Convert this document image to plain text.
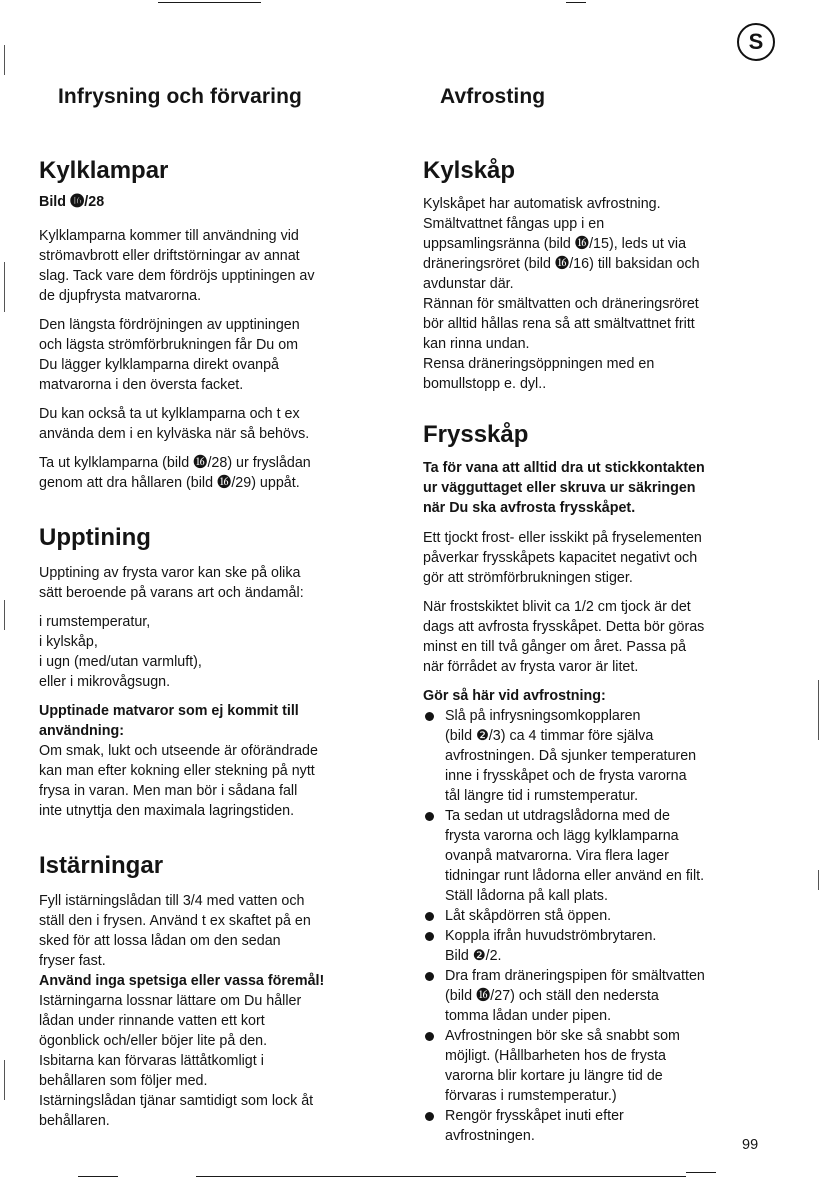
S
Infrysning och förvaring	Avfrosting
Kylklampar

Bild ⓰/28

Kylklamparna kommer till användning vid
strömavbrott eller driftstörningar av annat
slag. Tack vare dem fördröjs upptiningen av
de djupfrysta matvarorna.

Den längsta fördröjningen av upptiningen
och lägsta strömförbrukningen får Du om
Du lägger kylklamparna direkt ovanpå
matvarorna i den översta facket.

Du kan också ta ut kylklamparna och t ex
använda dem i en kylväska när så behövs.

Ta ut kylklamparna (bild ⓰/28) ur fryslådan
genom att dra hållaren (bild ⓰/29) uppåt.

Upptining

Upptining av frysta varor kan ske på olika
sätt beroende på varans art och ändamål:

i rumstemperatur,
i kylskåp,
i ugn (med/utan varmluft),
eller i mikrovågsugn.

Upptinade matvaror som ej kommit till
användning:

Om smak, lukt och utseende är oförändrade
kan man efter kokning eller stekning på nytt
frysa in varan. Men man bör i sådana fall
inte utnyttja den maximala lagringstiden.

Istärningar

Fyll istärningslådan till 3/4 med vatten och
ställ den i frysen. Använd t ex skaftet på en
sked för att lossa lådan om den sedan
fryser fast.

Använd inga spetsiga eller vassa föremål!

Istärningarna lossnar lättare om Du håller
lådan under rinnande vatten ett kort
ögonblick och/eller böjer lite på den.
Isbitarna kan förvaras lättåtkomligt i
behållaren som följer med.
Istärningslådan tjänar samtidigt som lock åt
behållaren.

Kylskåp

Kylskåpet har automatisk avfrostning.
Smältvattnet fångas upp i en
uppsamlingsränna (bild ⓰/15), leds ut via
dräneringsröret (bild ⓰/16) till baksidan och
avdunstar där.
Rännan för smältvatten och dräneringsröret
bör alltid hållas rena så att smältvattnet fritt
kan rinna undan.
Rensa dräneringsöppningen med en
bomullstopp e. dyl..

Frysskåp

Ta för vana att alltid dra ut stickkontakten
ur vägguttaget eller skruva ur säkringen
när Du ska avfrosta frysskåpet.

Ett tjockt frost- eller isskikt på fryselementen
påverkar frysskåpets kapacitet negativt och
gör att strömförbrukningen stiger.

När frostskiktet blivit ca 1/2 cm tjock är det
dags att avfrosta frysskåpet. Detta bör göras
minst en till två gånger om året. Passa på
när förrådet av frysta varor är litet.

Gör så här vid avfrostning:

Slå på infrysningsomkopplaren
(bild ❷/3) ca 4 timmar före själva
avfrostningen. Då sjunker temperaturen
inne i frysskåpet och de frysta varorna
tål längre tid i rumstemperatur.
Ta sedan ut utdragslådorna med de
frysta varorna och lägg kylklamparna
ovanpå matvarorna. Vira flera lager
tidningar runt lådorna eller använd en filt.
Ställ lådorna på kall plats.
Låt skåpdörren stå öppen.
Koppla ifrån huvudströmbrytaren.
Bild ❷/2.
Dra fram dräneringspipen för smältvatten
(bild ⓰/27) och ställ den nedersta
tomma lådan under pipen.
Avfrostningen bör ske så snabbt som
möjligt. (Hållbarheten hos de frysta
varorna blir kortare ju längre tid de
förvaras i rumstemperatur.)
Rengör frysskåpet inuti efter
avfrostningen.
99
